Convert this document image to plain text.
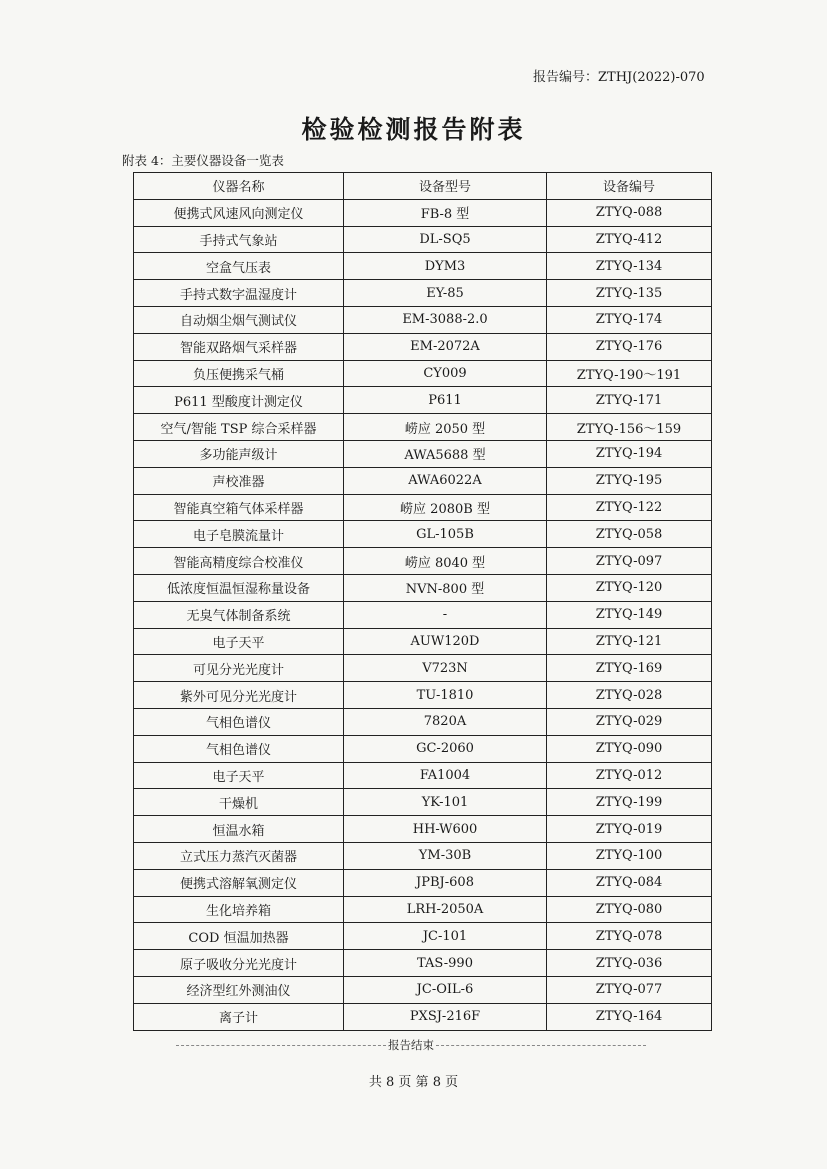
报告编号：ZTHJ(2022)-070
检验检测报告附表
附表 4：主要仪器设备一览表
仪器名称	设备型号	设备编号
便携式风速风向测定仪	FB-8 型	ZTYQ-088
手持式气象站	DL-SQ5	ZTYQ-412
空盒气压表	DYM3	ZTYQ-134
手持式数字温湿度计	EY-85	ZTYQ-135
自动烟尘烟气测试仪	EM-3088-2.0	ZTYQ-174
智能双路烟气采样器	EM-2072A	ZTYQ-176
负压便携采气桶	CY009	ZTYQ-190～191
P611 型酸度计测定仪	P611	ZTYQ-171
空气/智能 TSP 综合采样器	崂应 2050 型	ZTYQ-156～159
多功能声级计	AWA5688 型	ZTYQ-194
声校准器	AWA6022A	ZTYQ-195
智能真空箱气体采样器	崂应 2080B 型	ZTYQ-122
电子皂膜流量计	GL-105B	ZTYQ-058
智能高精度综合校准仪	崂应 8040 型	ZTYQ-097
低浓度恒温恒湿称量设备	NVN-800 型	ZTYQ-120
无臭气体制备系统	-	ZTYQ-149
电子天平	AUW120D	ZTYQ-121
可见分光光度计	V723N	ZTYQ-169
紫外可见分光光度计	TU-1810	ZTYQ-028
气相色谱仪	7820A	ZTYQ-029
气相色谱仪	GC-2060	ZTYQ-090
电子天平	FA1004	ZTYQ-012
干燥机	YK-101	ZTYQ-199
恒温水箱	HH-W600	ZTYQ-019
立式压力蒸汽灭菌器	YM-30B	ZTYQ-100
便携式溶解氧测定仪	JPBJ-608	ZTYQ-084
生化培养箱	LRH-2050A	ZTYQ-080
COD 恒温加热器	JC-101	ZTYQ-078
原子吸收分光光度计	TAS-990	ZTYQ-036
经济型红外测油仪	JC-OIL-6	ZTYQ-077
离子计	PXSJ-216F	ZTYQ-164
报告结束
共 8 页 第 8 页
